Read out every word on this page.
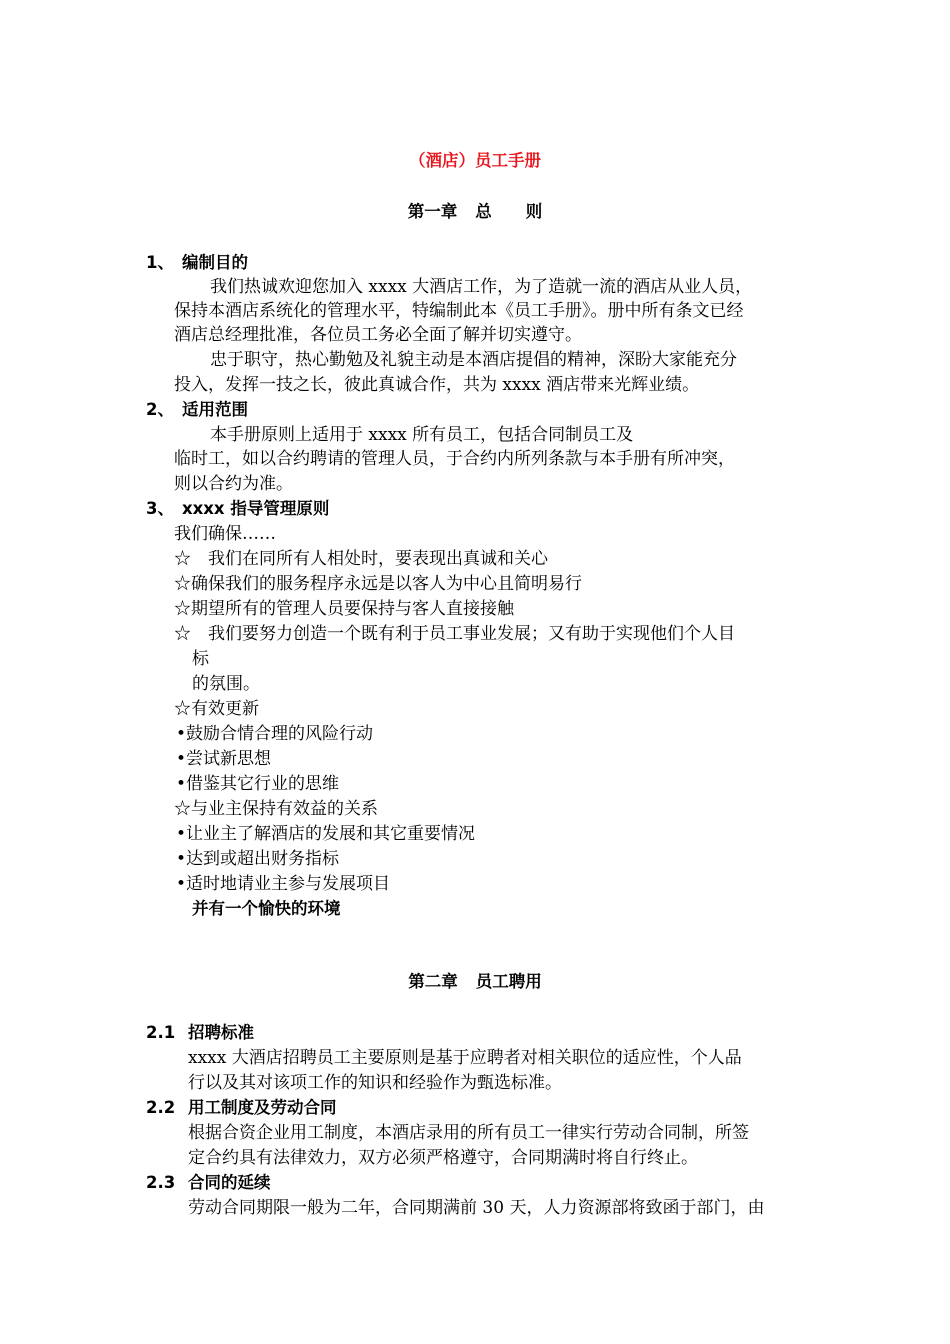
（酒店）员工手册
第一章 总 则
1、 编制目的
我们热诚欢迎您加入 xxxx 大酒店工作，为了造就一流的酒店从业人员，
保持本酒店系统化的管理水平，特编制此本《员工手册》。册中所有条文已经
酒店总经理批准，各位员工务必全面了解并切实遵守。
忠于职守，热心勤勉及礼貌主动是本酒店提倡的精神，深盼大家能充分
投入，发挥一技之长，彼此真诚合作，共为 xxxx 酒店带来光辉业绩。
2、 适用范围
本手册原则上适用于 xxxx 所有员工，包括合同制员工及
临时工，如以合约聘请的管理人员，于合约内所列条款与本手册有所冲突，
则以合约为准。
3、 xxxx 指导管理原则
我们确保……
☆　我们在同所有人相处时，要表现出真诚和关心
☆确保我们的服务程序永远是以客人为中心且简明易行
☆期望所有的管理人员要保持与客人直接接触
☆　我们要努力创造一个既有利于员工事业发展；又有助于实现他们个人目
标
的氛围。
☆有效更新
•鼓励合情合理的风险行动
•尝试新思想
•借鉴其它行业的思维
☆与业主保持有效益的关系
•让业主了解酒店的发展和其它重要情况
•达到或超出财务指标
•适时地请业主参与发展项目
并有一个愉快的环境
第二章 员工聘用
2.1 招聘标准
xxxx 大酒店招聘员工主要原则是基于应聘者对相关职位的适应性，个人品
行以及其对该项工作的知识和经验作为甄选标准。
2.2 用工制度及劳动合同
根据合资企业用工制度，本酒店录用的所有员工一律实行劳动合同制，所签
定合约具有法律效力，双方必须严格遵守，合同期满时将自行终止。
2.3 合同的延续
劳动合同期限一般为二年，合同期满前 30 天，人力资源部将致函于部门，由
